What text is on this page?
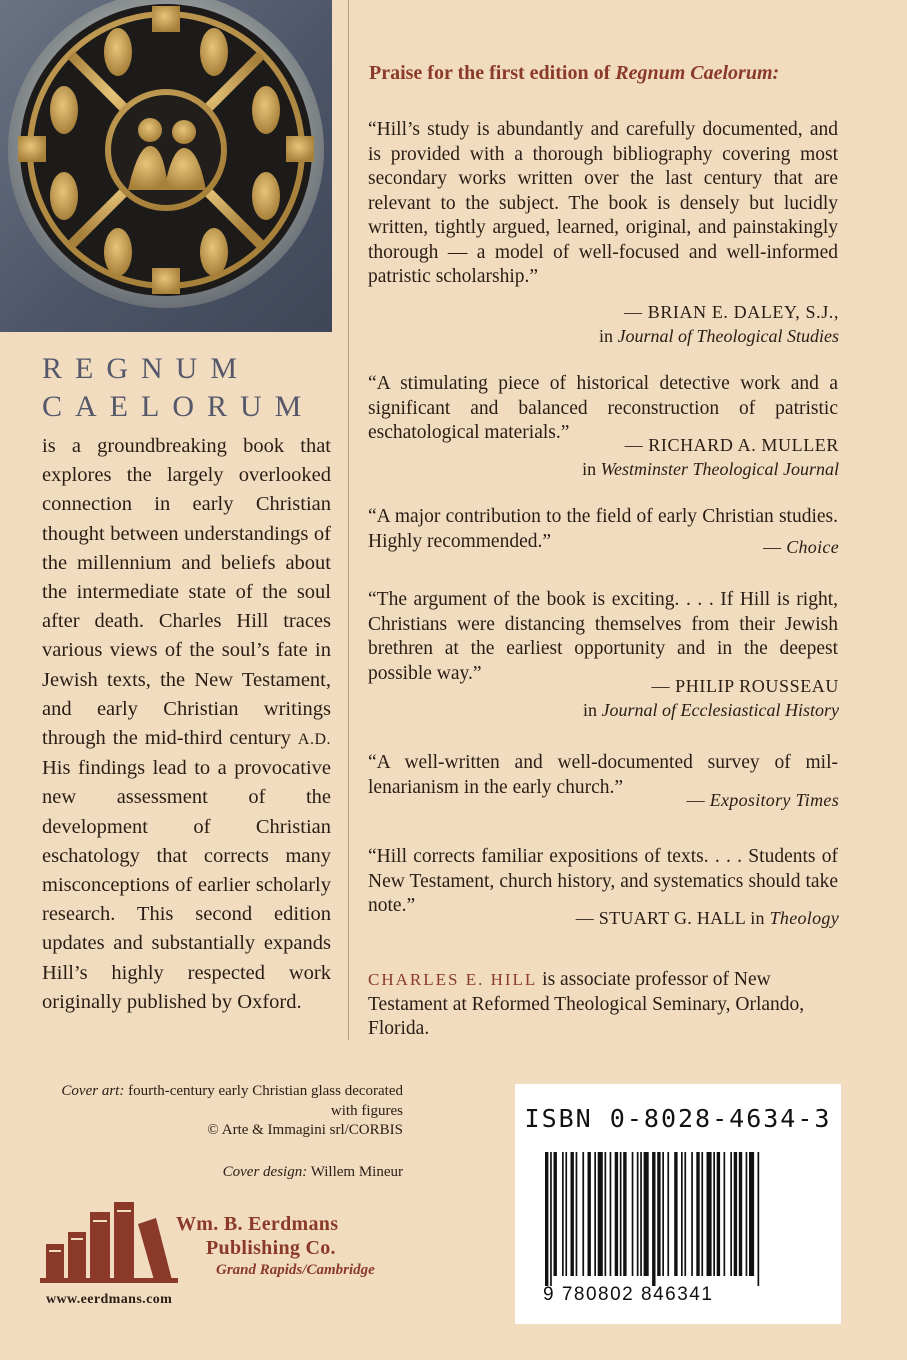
REGNUM
CAELORUM
is a groundbreaking book that explores the largely overlooked connection in early Christian thought between understandings of the millennium and beliefs about the intermediate state of the soul after death. Charles Hill traces various views of the soul’s fate in Jewish texts, the New Testament, and early Christian writings through the mid-third century A.D. His findings lead to a provocative new assessment of the development of Christian eschatology that corrects many misconceptions of earlier scholarly research. This second edition updates and substantially expands Hill’s highly respected work originally published by Oxford.
Praise for the first edition of Regnum Caelorum:
“Hill’s study is abundantly and carefully documented, and is provided with a thorough bibliography covering most secondary works written over the last century that are relevant to the subject. The book is densely but lucidly written, tightly argued, learned, original, and painstakingly thorough — a model of well-focused and well-informed patristic scholarship.”
— BRIAN E. DALEY, S.J.,
in Journal of Theological Studies
“A stimulating piece of historical detective work and a significant and balanced reconstruction of patristic eschatological materials.”
— RICHARD A. MULLER
in Westminster Theological Journal
“A major contribution to the field of early Christian studies. Highly recommended.”	— Choice
“The argument of the book is exciting. . . . If Hill is right, Christians were distancing themselves from their Jewish brethren at the earliest opportunity and in the deepest possible way.”
— PHILIP ROUSSEAU
in Journal of Ecclesiastical History
“A well-written and well-documented survey of millenarianism in the early church.”
— Expository Times
“Hill corrects familiar expositions of texts. . . . Students of New Testament, church history, and systematics should take note.”
— STUART G. HALL in Theology
CHARLES E. HILL is associate professor of New Testament at Reformed Theological Seminary, Orlando, Florida.
Cover art: fourth-century early Christian glass decorated with figures
© Arte & Immagini srl/CORBIS
Cover design: Willem Mineur
Wm. B. Eerdmans
Publishing Co.
Grand Rapids/Cambridge
www.eerdmans.com
ISBN 0-8028-4634-3
9 780802 846341
